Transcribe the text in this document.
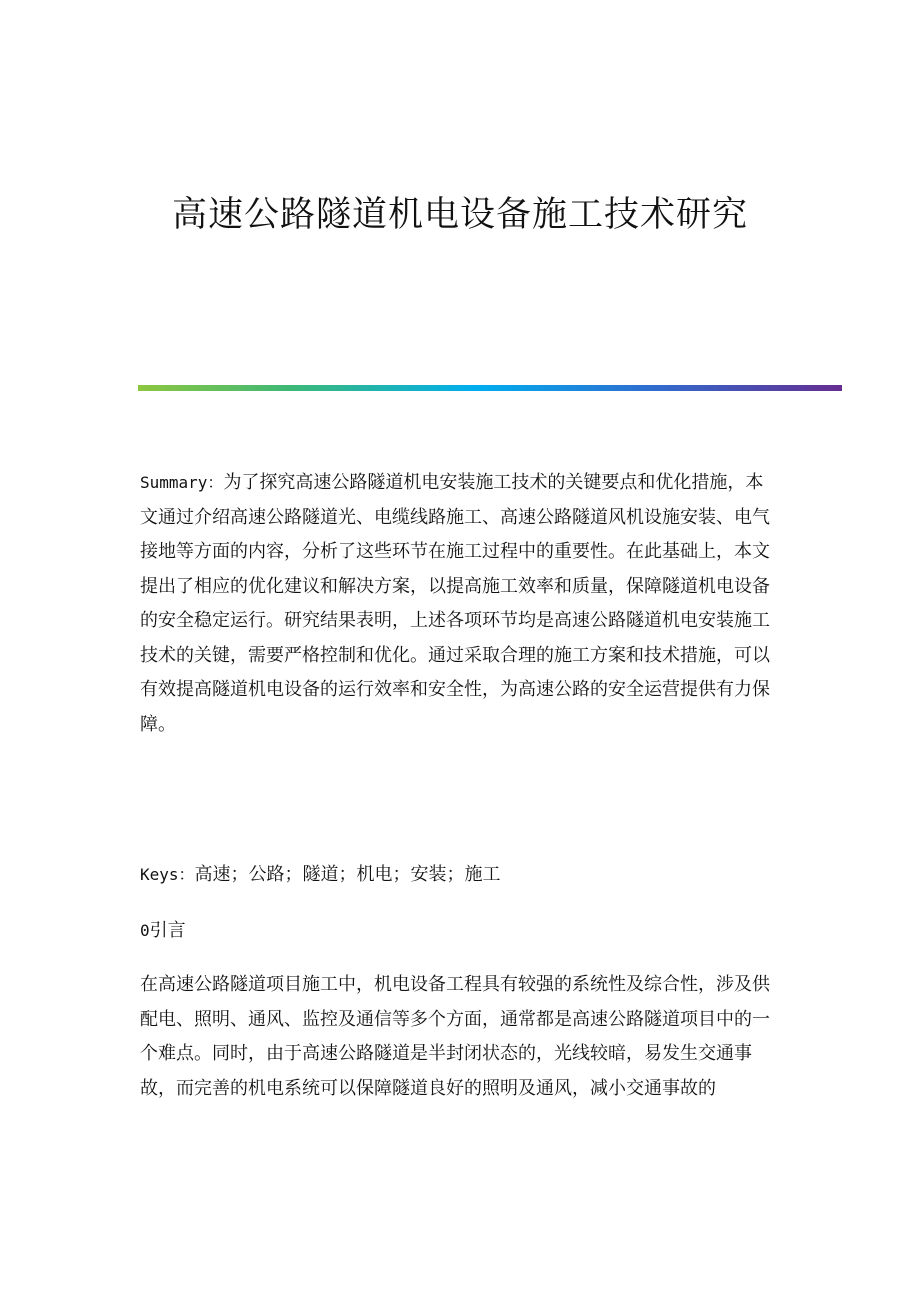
高速公路隧道机电设备施工技术研究

Summary：为了探究高速公路隧道机电安装施工技术的关键要点和优化措施，本文通过介绍高速公路隧道光、电缆线路施工、高速公路隧道风机设施安装、电气接地等方面的内容，分析了这些环节在施工过程中的重要性。在此基础上，本文提出了相应的优化建议和解决方案，以提高施工效率和质量，保障隧道机电设备的安全稳定运行。研究结果表明，上述各项环节均是高速公路隧道机电安装施工技术的关键，需要严格控制和优化。通过采取合理的施工方案和技术措施，可以有效提高隧道机电设备的运行效率和安全性，为高速公路的安全运营提供有力保障。

Keys：高速；公路；隧道；机电；安装；施工

0引言

在高速公路隧道项目施工中，机电设备工程具有较强的系统性及综合性，涉及供配电、照明、通风、监控及通信等多个方面，通常都是高速公路隧道项目中的一个难点。同时，由于高速公路隧道是半封闭状态的，光线较暗，易发生交通事故，而完善的机电系统可以保障隧道良好的照明及通风，减小交通事故的
